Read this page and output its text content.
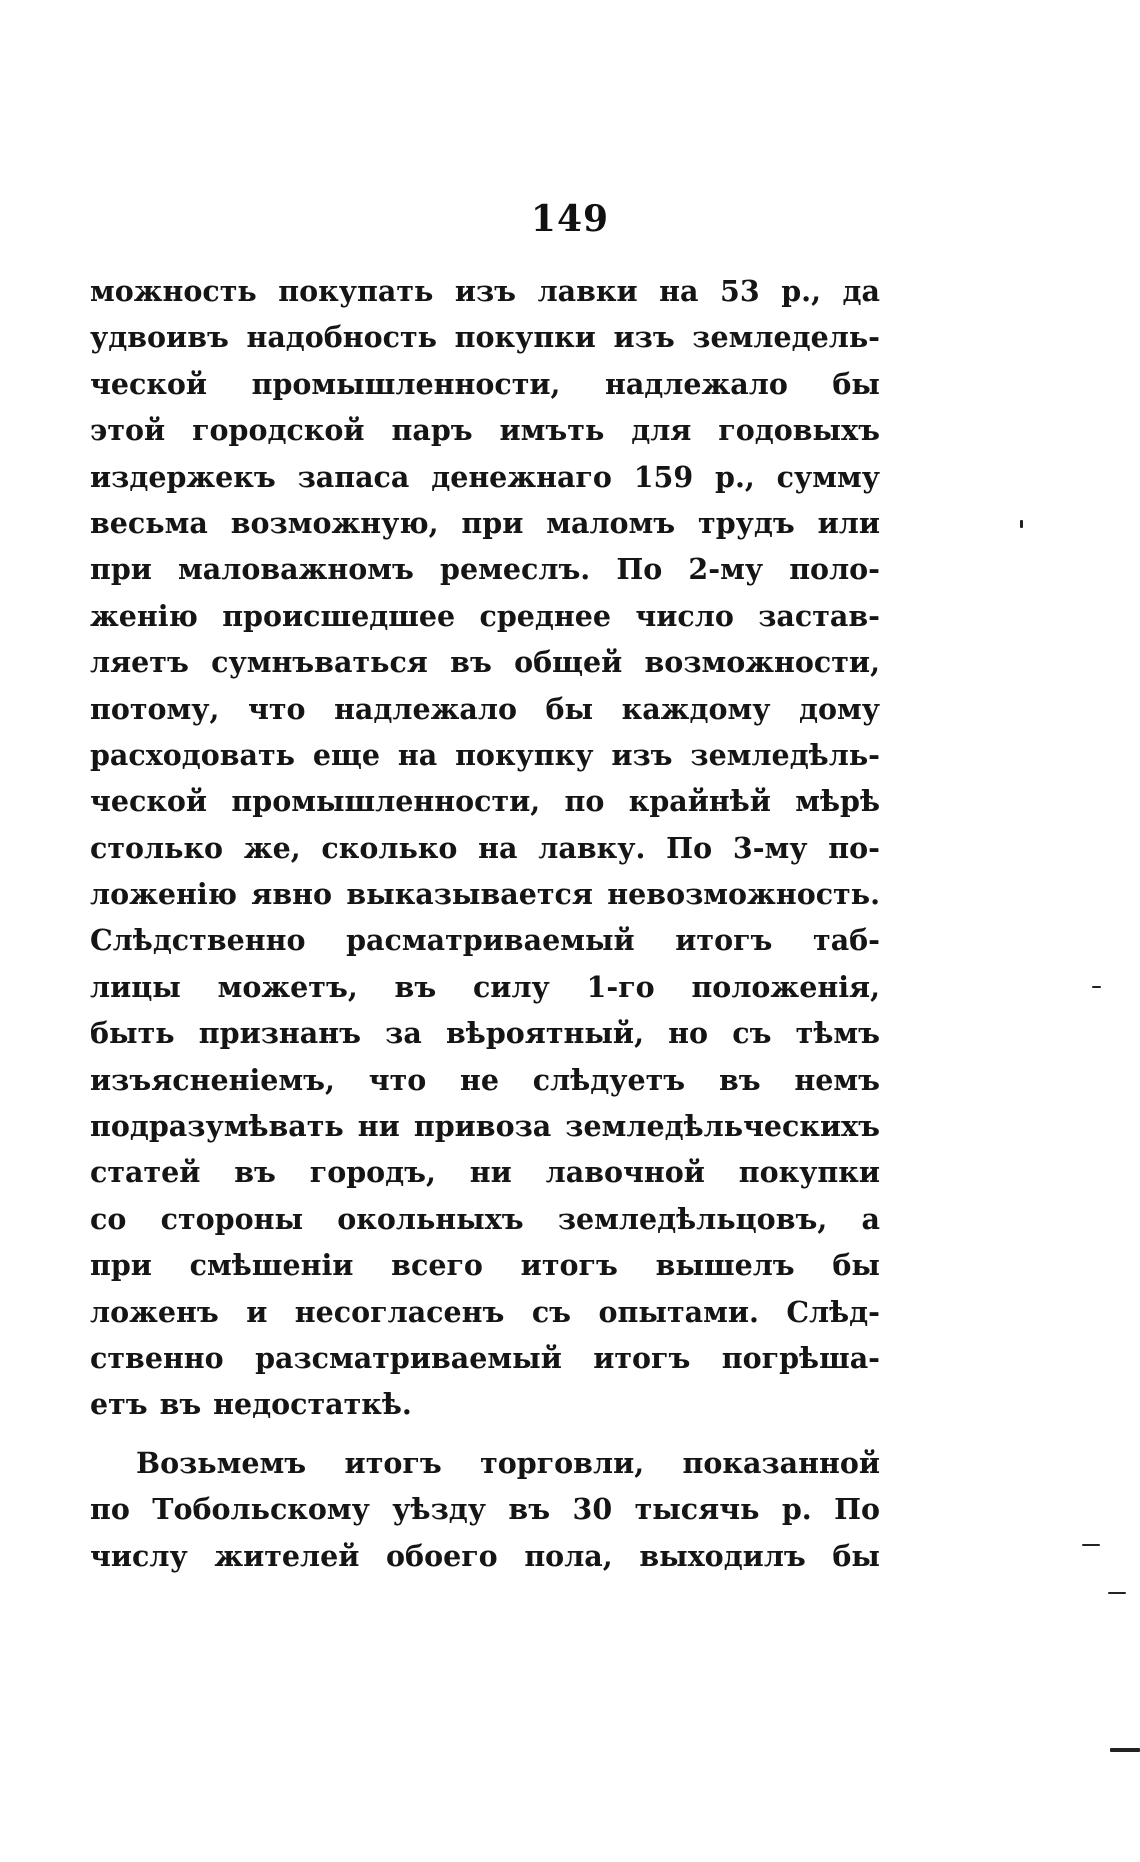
149
можность покупать изъ лавки на 53 р., да
удвоивъ надобность покупки изъ земледель-
ческой промышленности, надлежало бы
этой городской паръ имъть для годовыхъ
издержекъ запаса денежнаго 159 р., сумму
весьма возможную, при маломъ трудъ или
при маловажномъ ремеслъ. По 2-му поло-
женію происшедшее среднее число застав-
ляетъ сумнъваться въ общей возможности,
потому, что надлежало бы каждому дому
расходовать еще на покупку изъ земледѣль-
ческой промышленности, по крайнѣй мѣрѣ
столько же, сколько на лавку. По 3-му по-
ложенію явно выказывается невозможность.
Слѣдственно расматриваемый итогъ таб-
лицы можетъ, въ силу 1-го положенія,
быть признанъ за вѣроятный, но съ тѣмъ
изъясненіемъ, что не слѣдуетъ въ немъ
подразумѣвать ни привоза земледѣльческихъ
статей въ городъ, ни лавочной покупки
со стороны окольныхъ земледѣльцовъ, а
при смѣшеніи всего итогъ вышелъ бы
ложенъ и несогласенъ съ опытами. Слѣд-
ственно разсматриваемый итогъ погрѣша-
етъ въ недостаткѣ.
Возьмемъ итогъ торговли, показанной
по Тобольскому уѣзду въ 30 тысячь р. По
числу жителей обоего пола, выходилъ бы
